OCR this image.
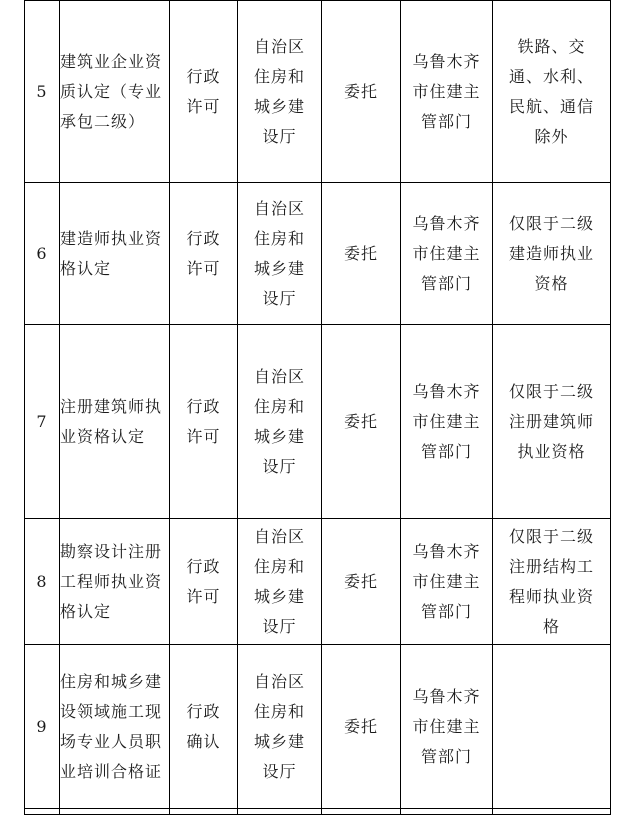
5	建筑业企业资质认定（专业承包二级）	行政许可	自治区住房和城乡建设厅	委托	乌鲁木齐市住建主管部门	铁路、交通、水利、民航、通信除外

6	建造师执业资格认定	行政许可	自治区住房和城乡建设厅	委托	乌鲁木齐市住建主管部门	仅限于二级建造师执业资格

7	注册建筑师执业资格认定	行政许可	自治区住房和城乡建设厅	委托	乌鲁木齐市住建主管部门	仅限于二级注册建筑师执业资格

8	勘察设计注册工程师执业资格认定	行政许可	自治区住房和城乡建设厅	委托	乌鲁木齐市住建主管部门	仅限于二级注册结构工程师执业资格

9	住房和城乡建设领域施工现场专业人员职业培训合格证	行政确认	自治区住房和城乡建设厅	委托	乌鲁木齐市住建主管部门	
